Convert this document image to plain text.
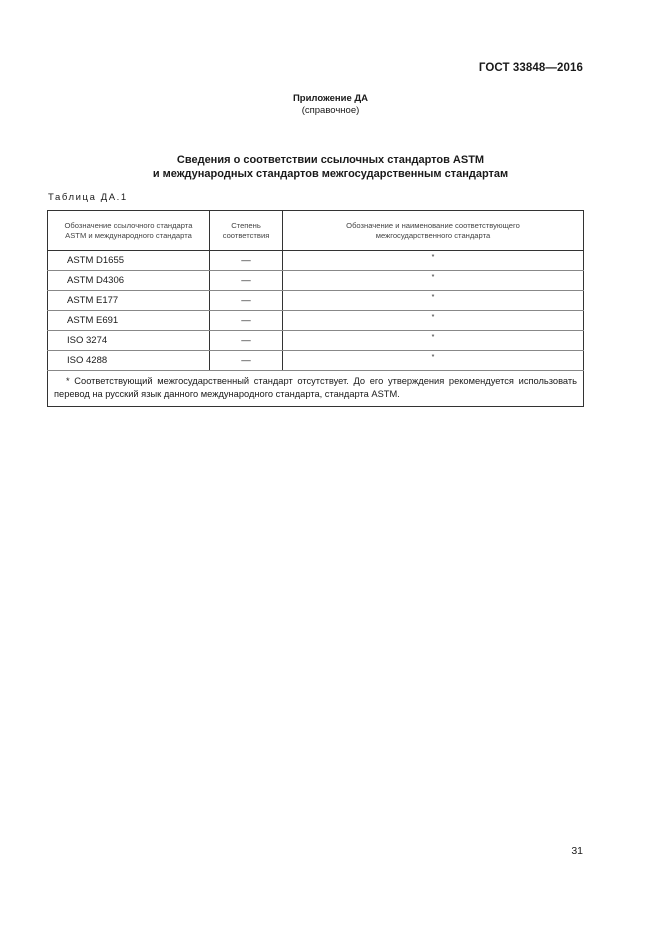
ГОСТ 33848—2016
Приложение ДА
(справочное)
Сведения о соответствии ссылочных стандартов ASTM
и международных стандартов межгосударственным стандартам
Таблица ДА.1
Обозначение ссылочного стандарта ASTM и международного стандарта	Степень соответствия	Обозначение и наименование соответствующего межгосударственного стандарта
ASTM D1655	—	*
ASTM D4306	—	*
ASTM E177	—	*
ASTM E691	—	*
ISO 3274	—	*
ISO 4288	—	*
* Соответствующий межгосударственный стандарт отсутствует. До его утверждения рекомендуется использовать перевод на русский язык данного международного стандарта, стандарта ASTM.		
31
